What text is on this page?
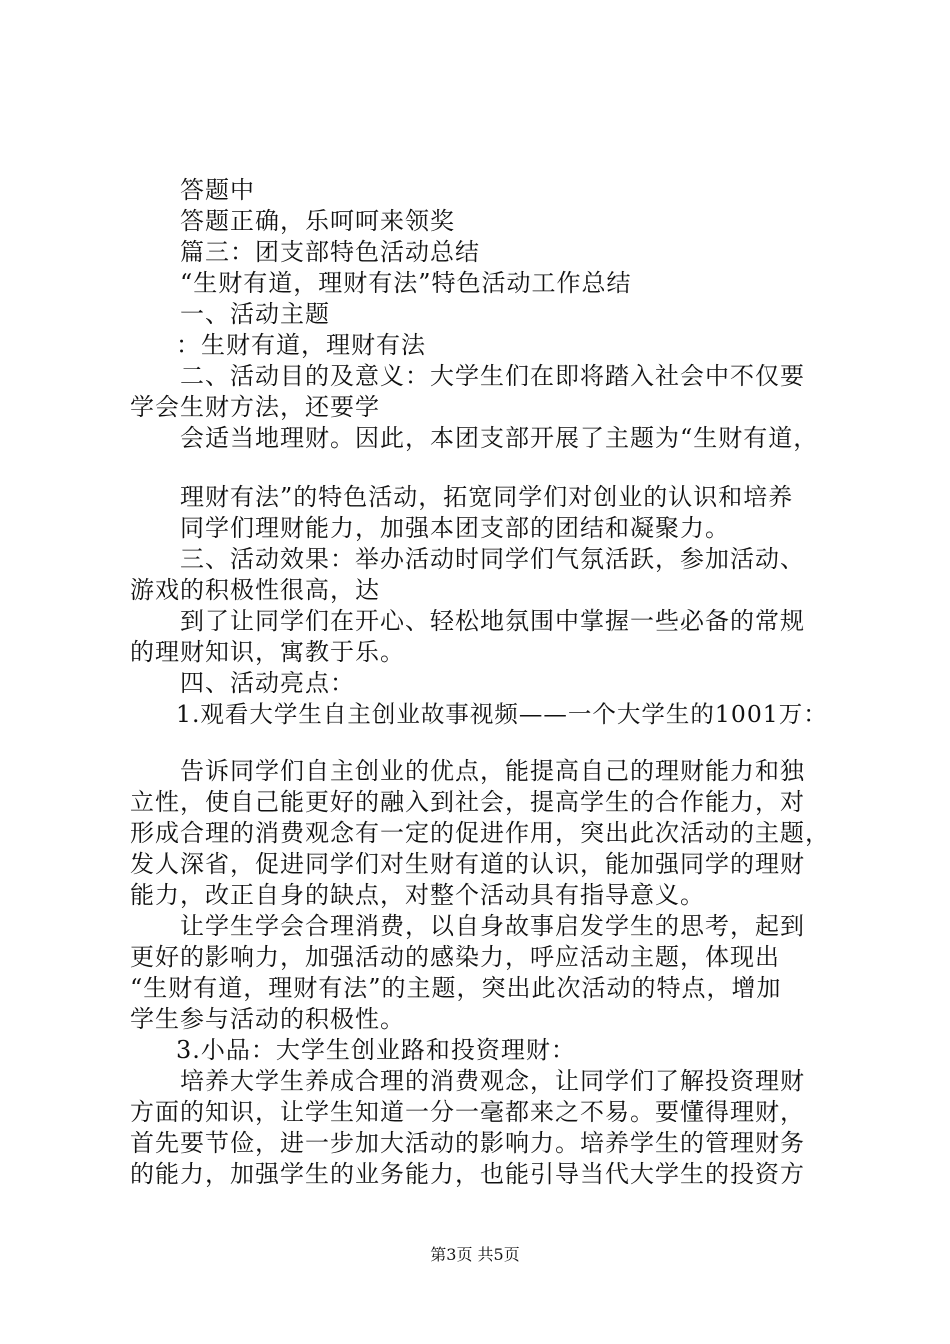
答题中
答题正确，乐呵呵来领奖
篇三：团支部特色活动总结
“生财有道，理财有法”特色活动工作总结
一、活动主题
：生财有道，理财有法
二、活动目的及意义：大学生们在即将踏入社会中不仅要
学会生财方法，还要学
会适当地理财。因此，本团支部开展了主题为“生财有道，
理财有法”的特色活动，拓宽同学们对创业的认识和培养
同学们理财能力，加强本团支部的团结和凝聚力。
三、活动效果：举办活动时同学们气氛活跃，参加活动、
游戏的积极性很高，达
到了让同学们在开心、轻松地氛围中掌握一些必备的常规
的理财知识，寓教于乐。
四、活动亮点：
1.观看大学生自主创业故事视频——一个大学生的1001万：
告诉同学们自主创业的优点，能提高自己的理财能力和独
立性，使自己能更好的融入到社会，提高学生的合作能力，对
形成合理的消费观念有一定的促进作用，突出此次活动的主题，
发人深省，促进同学们对生财有道的认识，能加强同学的理财
能力，改正自身的缺点，对整个活动具有指导意义。
让学生学会合理消费，以自身故事启发学生的思考，起到
更好的影响力，加强活动的感染力，呼应活动主题，体现出
“生财有道，理财有法”的主题，突出此次活动的特点，增加
学生参与活动的积极性。
3.小品：大学生创业路和投资理财：
培养大学生养成合理的消费观念，让同学们了解投资理财
方面的知识，让学生知道一分一毫都来之不易。要懂得理财，
首先要节俭，进一步加大活动的影响力。培养学生的管理财务
的能力，加强学生的业务能力，也能引导当代大学生的投资方
第3页 共5页
